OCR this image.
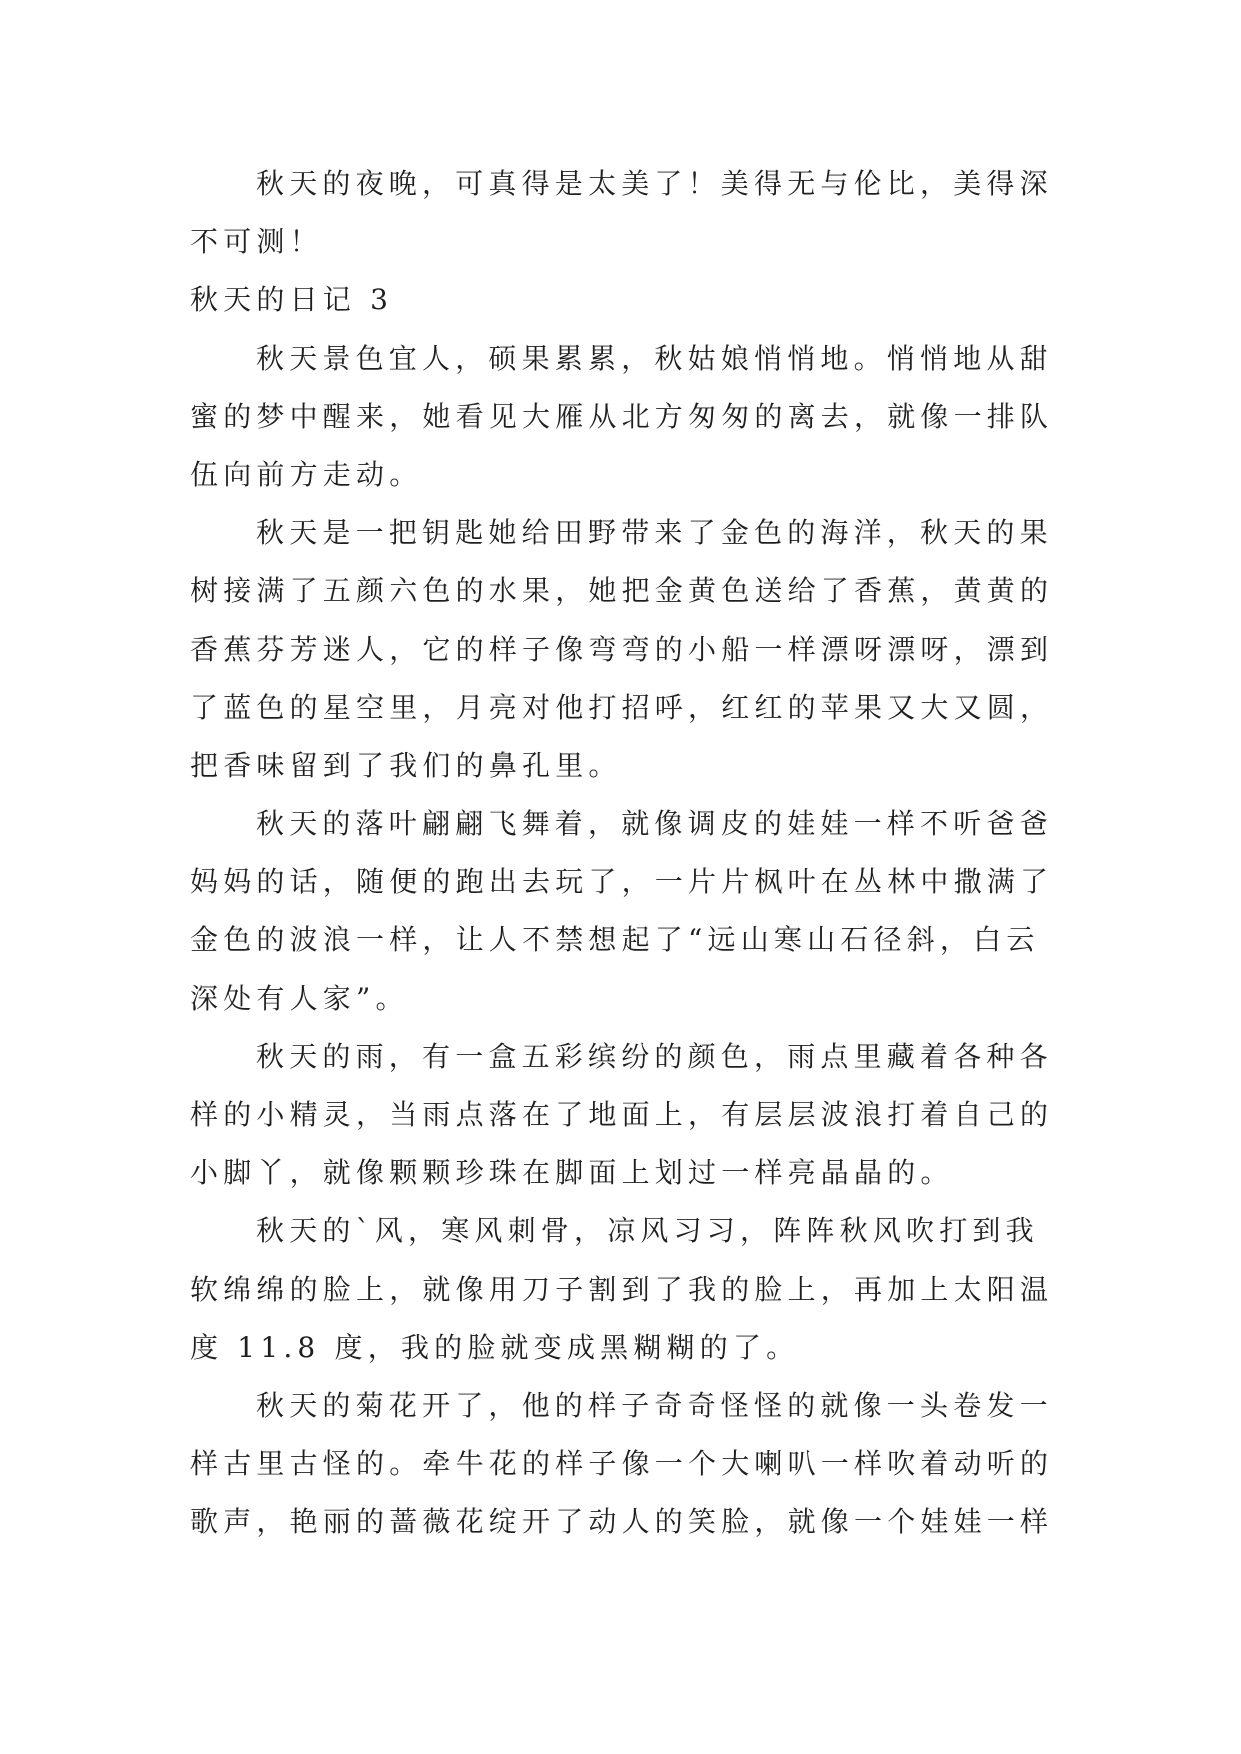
秋天的夜晚，可真得是太美了！美得无与伦比，美得深
不可测！
秋天的日记 3
秋天景色宜人，硕果累累，秋姑娘悄悄地。悄悄地从甜
蜜的梦中醒来，她看见大雁从北方匆匆的离去，就像一排队
伍向前方走动。
秋天是一把钥匙她给田野带来了金色的海洋，秋天的果
树接满了五颜六色的水果，她把金黄色送给了香蕉，黄黄的
香蕉芬芳迷人，它的样子像弯弯的小船一样漂呀漂呀，漂到
了蓝色的星空里，月亮对他打招呼，红红的苹果又大又圆，
把香味留到了我们的鼻孔里。
秋天的落叶翩翩飞舞着，就像调皮的娃娃一样不听爸爸
妈妈的话，随便的跑出去玩了，一片片枫叶在丛林中撒满了
金色的波浪一样，让人不禁想起了“远山寒山石径斜，白云
深处有人家”。
秋天的雨，有一盒五彩缤纷的颜色，雨点里藏着各种各
样的小精灵，当雨点落在了地面上，有层层波浪打着自己的
小脚丫，就像颗颗珍珠在脚面上划过一样亮晶晶的。
秋天的`风，寒风刺骨，凉风习习，阵阵秋风吹打到我
软绵绵的脸上，就像用刀子割到了我的脸上，再加上太阳温
度 11.8 度，我的脸就变成黑糊糊的了。
秋天的菊花开了，他的样子奇奇怪怪的就像一头卷发一
样古里古怪的。牵牛花的样子像一个大喇叭一样吹着动听的
歌声，艳丽的蔷薇花绽开了动人的笑脸，就像一个娃娃一样
